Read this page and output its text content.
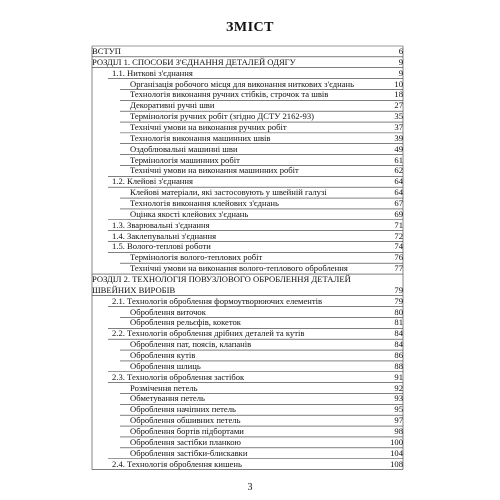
ЗМІСТ
ВСТУП	6
РОЗДІЛ 1. СПОСОБИ З'ЄДНАННЯ ДЕТАЛЕЙ ОДЯГУ	9
1.1. Ниткові з'єднання	9
Організація робочого місця для виконання ниткових з'єднань	10
Технологія виконання ручних стібків, строчок та швів	18
Декоративні ручні шви	27
Термінологія ручних робіт (згідно ДСТУ 2162-93)	35
Технічні умови на виконання ручних робіт	37
Технологія виконання машинних швів	39
Оздоблювальні машинні шви	49
Термінологія машинних робіт	61
Технічні умови на виконання машинних робіт	62
1.2. Клейові з'єднання	64
Клейові матеріали, які застосовують у швейній галузі	64
Технологія виконання клейових з'єднань	67
Оцінка якості клейових з'єднань	69
1.3. Зварювальні з'єднання	71
1.4. Заклепувальні з'єднання	72
1.5. Волого-теплові роботи	74
Термінологія волого-теплових робіт	76
Технічні умови на виконання волого-теплового оброблення	77
РОЗДІЛ 2. ТЕХНОЛОГІЯ ПОВУЗЛОВОГО ОБРОБЛЕННЯ ДЕТАЛЕЙ ШВЕЙНИХ ВИРОБІВ	79
2.1. Технологія оброблення формоутворюючих елементів	79
Оброблення виточок	80
Оброблення рельєфів, кокеток	81
2.2. Технологія оброблення дрібних деталей та кутів	84
Оброблення пат, поясів, клапанів	84
Оброблення кутів	86
Оброблення шлиць	88
2.3. Технологія оброблення застібок	91
Розмічення петель	92
Обметування петель	93
Оброблення начіпних петель	95
Оброблення обшивних петель	97
Оброблення бортів підбортами	98
Оброблення застібки планкою	100
Оброблення застібки-блискавки	104
2.4. Технологія оброблення кишень	108
3
